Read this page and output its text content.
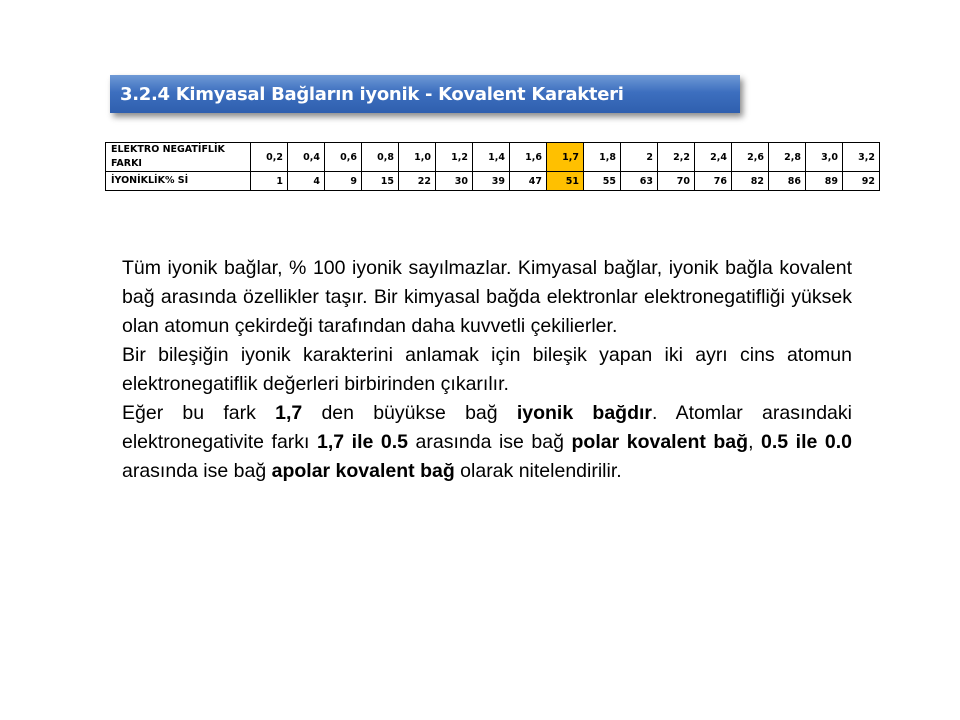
3.2.4 Kimyasal Bağların iyonik - Kovalent Karakteri
ELEKTRO NEGATİFLİK FARKI	0,2	0,4	0,6	0,8	1,0	1,2	1,4	1,6	1,7	1,8	2	2,2	2,4	2,6	2,8	3,0	3,2
İYONİKLİK% Sİ	1	4	9	15	22	30	39	47	51	55	63	70	76	82	86	89	92

Tüm iyonik bağlar, % 100 iyonik sayılmazlar. Kimyasal bağlar, iyonik bağla kovalent bağ arasında özellikler taşır. Bir kimyasal bağda elektronlar elektronegatifliği yüksek olan atomun çekirdeği tarafından daha kuvvetli çekilierler.

Bir bileşiğin iyonik karakterini anlamak için bileşik yapan iki ayrı cins atomun elektronegatiflik değerleri birbirinden çıkarılır.

Eğer bu fark 1,7 den büyükse bağ iyonik bağdır. Atomlar arasındaki elektronegativite farkı 1,7 ile 0.5 arasında ise bağ polar kovalent bağ, 0.5 ile 0.0 arasında ise bağ apolar kovalent bağ olarak nitelendirilir.
